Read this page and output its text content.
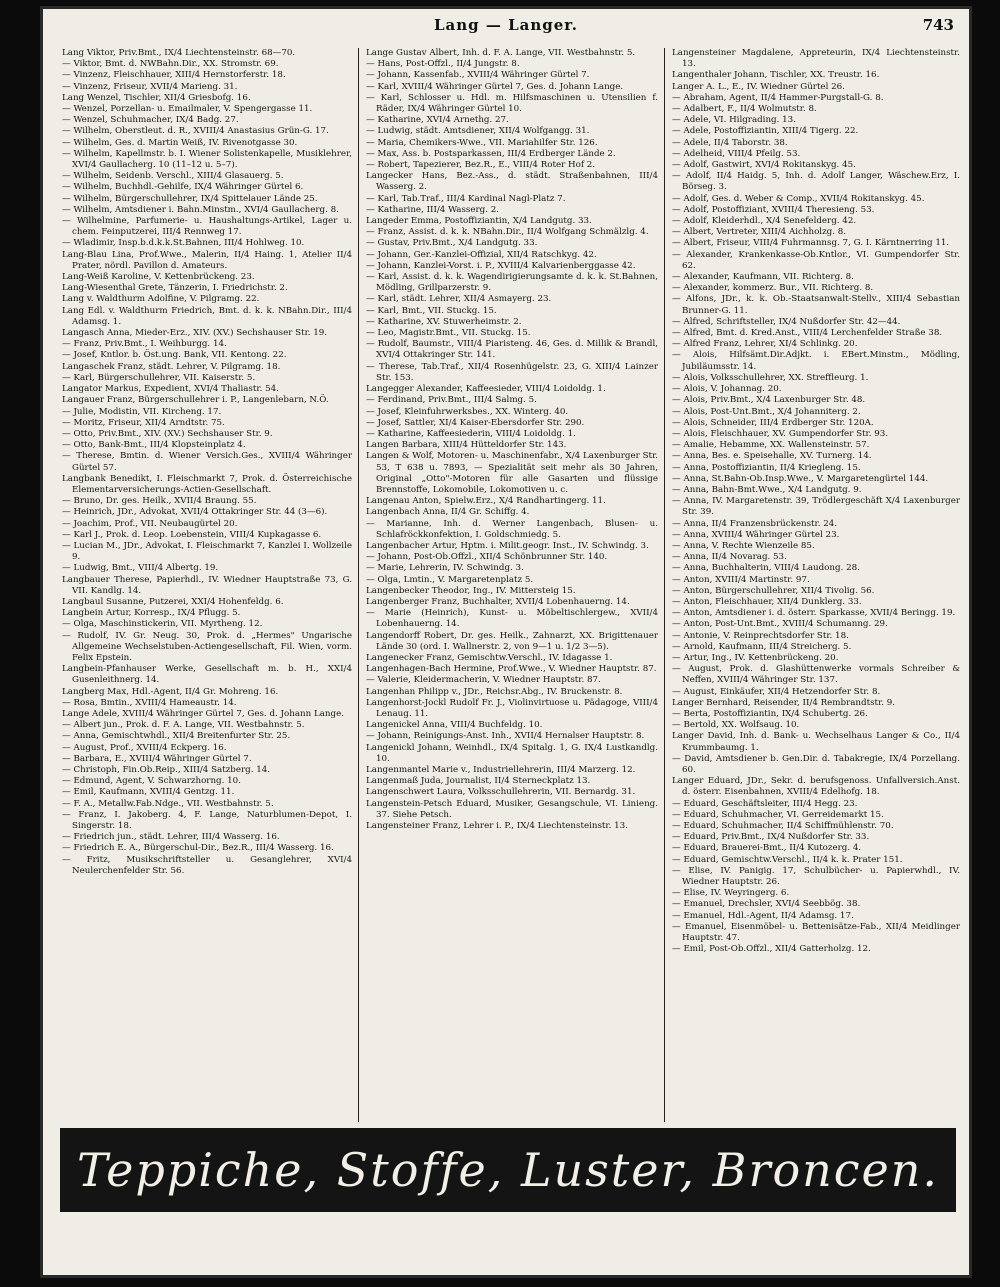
Lang — Langer.	743

Lang Viktor, Priv.Bmt., IX/4 Liechtensteinstr. 68—70.

— Viktor, Bmt. d. NWBahn.Dir., XX. Stromstr. 69.

— Vinzenz, Fleischhauer, XIII/4 Hernstorferstr. 18.

— Vinzenz, Friseur, XVII/4 Marieng. 31.

Lang Wenzel, Tischler, XII/4 Griesbofg. 16.

— Wenzel, Porzellan- u. Emailmaler, V. Spengergasse 11.

— Wenzel, Schuhmacher, IX/4 Badg. 27.

— Wilhelm, Oberstleut. d. R., XVIII/4 Anastasius Grün-G. 17.

— Wilhelm, Ges. d. Martin Weiß, IV. Rivenotgasse 30.

— Wilhelm, Kapellmstr. b. I. Wiener Solistenkapelle, Musiklehrer, XVI/4 Gaullacherg. 10 (11–12 u. 5–7).

— Wilhelm, Seidenb. Verschl., XIII/4 Glasauerg. 5.

— Wilhelm, Buchhdl.-Gehilfe, IX/4 Währinger Gürtel 6.

— Wilhelm, Bürgerschullehrer, IX/4 Spittelauer Lände 25.

— Wilhelm, Amtsdiener i. Bahn.Minstm., XVI/4 Gaullacherg. 8.

— Wilhelmine, Parfumerie- u. Haushaltungs-Artikel, Lager u. chem. Feinputzerei, III/4 Rennweg 17.

— Wladimir, Insp.b.d.k.k.St.Bahnen, III/4 Hohlweg. 10.

Lang-Blau Lina, Prof.Wwe., Malerin, II/4 Haing. 1, Atelier II/4 Prater, nördl. Pavillon d. Amateurs.

Lang-Weiß Karoline, V. Kettenbrückeng. 23.

Lang-Wiesenthal Grete, Tänzerin, I. Friedrichstr. 2.

Lang v. Waldthurm Adolfine, V. Pilgramg. 22.

Lang Edl. v. Waldthurm Friedrich, Bmt. d. k. k. NBahn.Dir., III/4 Adamsg. 1.

Langasch Anna, Mieder-Erz., XIV. (XV.) Sechshauser Str. 19.

— Franz, Priv.Bmt., I. Weihburgg. 14.

— Josef, Kntlor. b. Öst.ung. Bank, VII. Kentong. 22.

Langaschek Franz, städt. Lehrer, V. Pilgramg. 18.

— Karl, Bürgerschullehrer, VII. Kaiserstr. 5.

Langator Markus, Expedient, XVI/4 Thaliastr. 54.

Langauer Franz, Bürgerschullehrer i. P., Langenlebarn, N.Ö.

— Julie, Modistin, VII. Kircheng. 17.

— Moritz, Friseur, XII/4 Arndtstr. 75.

— Otto, Priv.Bmt., XIV. (XV.) Sechshauser Str. 9.

— Otto, Bank-Bmt., III/4 Klopsteinplatz 4.

— Therese, Bmtin. d. Wiener Versich.Ges., XVIII/4 Währinger Gürtel 57.

Langbank Benedikt, I. Fleischmarkt 7, Prok. d. Österreichische Elementarversicherungs-Actien-Gesellschaft.

— Bruno, Dr. ges. Heilk., XVII/4 Braung. 55.

— Heinrich, JDr., Advokat, XVII/4 Ottakringer Str. 44 (3—6).

— Joachim, Prof., VII. Neubaugürtel 20.

— Karl J., Prok. d. Leop. Loebenstein, VIII/4 Kupkagasse 6.

— Lucian M., JDr., Advokat, I. Fleischmarkt 7, Kanzlei I. Wollzeile 9.

— Ludwig, Bmt., VIII/4 Albertg. 19.

Langbauer Therese, Papierhdl., IV. Wiedner Hauptstraße 73, G. VII. Kandlg. 14.

Langbaul Susanne, Putzerei, XXI/4 Hohenfeldg. 6.

Langbein Artur, Korresp., IX/4 Pflugg. 5.

— Olga, Maschinstickerin, VII. Myrtheng. 12.

— Rudolf, IV. Gr. Neug. 30, Prok. d. „Hermes" Ungarische Allgemeine Wechselstuben-Actiengesellschaft, Fil. Wien, vorm. Felix Epstein.

Langbein-Pfanhauser Werke, Gesellschaft m. b. H., XXI/4 Gusenleithnerg. 14.

Langberg Max, Hdl.-Agent, II/4 Gr. Mohreng. 16.

— Rosa, Bmtin., XVIII/4 Hameaustr. 14.

Lange Adele, XVIII/4 Währinger Gürtel 7, Ges. d. Johann Lange.

— Albert jun., Prok. d. F. A. Lange, VII. Westbahnstr. 5.

— Anna, Gemischtwhdl., XII/4 Breitenfurter Str. 25.

— August, Prof., XVIII/4 Eckperg. 16.

— Barbara, E., XVIII/4 Währinger Gürtel 7.

— Christoph, Fin.Ob.Reip., XIII/4 Satzberg. 14.

— Edmund, Agent, V. Schwarzhorng. 10.

— Emil, Kaufmann, XVIII/4 Gentzg. 11.

— F. A., Metallw.Fab.Ndge., VII. Westbahnstr. 5.

— Franz, I. Jakoberg. 4, F. Lange, Naturblumen-Depot, I. Singerstr. 18.

— Friedrich jun., städt. Lehrer, III/4 Wasserg. 16.

— Friedrich E. A., Bürgerschul-Dir., Bez.R., III/4 Wasserg. 16.

— Fritz, Musikschriftsteller u. Gesanglehrer, XVI/4 Neulerchenfelder Str. 56.

Lange Gustav Albert, Inh. d. F. A. Lange, VII. Westbahnstr. 5.

— Hans, Post-Offzl., II/4 Jungstr. 8.

— Johann, Kassenfab., XVIII/4 Währinger Gürtel 7.

— Karl, XVIII/4 Währinger Gürtel 7, Ges. d. Johann Lange.

— Karl, Schlosser u. Hdl. m. Hilfsmaschinen u. Utensilien f. Räder, IX/4 Währinger Gürtel 10.

— Katharine, XVI/4 Arnethg. 27.

— Ludwig, städt. Amtsdiener, XII/4 Wolfgangg. 31.

— Maria, Chemikers-Wwe., VII. Mariahilfer Str. 126.

— Max, Ass. b. Postsparkassen, III/4 Erdberger Lände 2.

— Robert, Tapezierer, Bez.R., E., VIII/4 Roter Hof 2.

Langecker Hans, Bez.-Ass., d. städt. Straßenbahnen, III/4 Wasserg. 2.

— Karl, Tab.Traf., III/4 Kardinal Nagl-Platz 7.

— Katharine, III/4 Wasserg. 2.

Langeder Emma, Postoffiziantin, X/4 Landgutg. 33.

— Franz, Assist. d. k. k. NBahn.Dir., II/4 Wolfgang Schmälzlg. 4.

— Gustav, Priv.Bmt., X/4 Landgutg. 33.

— Johann, Ger.-Kanzlei-Offizial, XII/4 Ratschkyg. 42.

— Johann, Kanzlei-Vorst. i. P., XVIII/4 Kalvarienberggasse 42.

— Karl, Assist. d. k. k. Wagendirigierungsamte d. k. k. St.Bahnen, Mödling, Grillparzerstr. 9.

— Karl, städt. Lehrer, XII/4 Asmayerg. 23.

— Karl, Bmt., VII. Stuckg. 15.

— Katharine, XV. Stuwerheimstr. 2.

— Leo, Magistr.Bmt., VII. Stuckg. 15.

— Rudolf, Baumstr., VIII/4 Piaristeng. 46, Ges. d. Millik & Brandl, XVI/4 Ottakringer Str. 141.

— Therese, Tab.Traf., XII/4 Rosenhügelstr. 23, G. XIII/4 Lainzer Str. 153.

Langegger Alexander, Kaffeesieder, VIII/4 Loidoldg. 1.

— Ferdinand, Priv.Bmt., III/4 Salmg. 5.

— Josef, Kleinfuhrwerksbes., XX. Winterg. 40.

— Josef, Sattler, XI/4 Kaiser-Ebersdorfer Str. 290.

— Katharine, Kaffeesiederin, VIII/4 Loidoldg. 1.

Langen Barbara, XIII/4 Hütteldorfer Str. 143.

Langen & Wolf, Motoren- u. Maschinenfabr., X/4 Laxenburger Str. 53, T 638 u. 7893, — Spezialität seit mehr als 30 Jahren, Original „Otto"-Motoren für alle Gasarten und flüssige Brennstoffe, Lokomobile, Lokomotiven u. c.

Langenau Anton, Spielw.Erz., X/4 Randhartingerg. 11.

Langenbach Anna, II/4 Gr. Schiffg. 4.

— Marianne, Inh. d. Werner Langenbach, Blusen- u. Schlafröckkonfektion, I. Goldschmiedg. 5.

Langenbacher Artur, Hptm. i. Milit.geogr. Inst., IV. Schwindg. 3.

— Johann, Post-Ob.Offzl., XII/4 Schönbrunner Str. 140.

— Marie, Lehrerin, IV. Schwindg. 3.

— Olga, Lmtin., V. Margaretenplatz 5.

Langenbecker Theodor, Ing., IV. Mittersteig 15.

Langenberger Franz, Buchhalter, XVII/4 Lobenhauerng. 14.

— Marie (Heinrich), Kunst- u. Möbeltischlergew., XVII/4 Lobenhauerng. 14.

Langendorff Robert, Dr. ges. Heilk., Zahnarzt, XX. Brigittenauer Lände 30 (ord. I. Wallnerstr. 2, von 9—1 u. 1/2 3—5).

Langenecker Franz, Gemischtw.Verschl., IV. Idagasse 1.

Langenhagen-Bach Hermine, Prof.Wwe., V. Wiedner Hauptstr. 87.

— Valerie, Kleidermacherin, V. Wiedner Hauptstr. 87.

Langenhan Philipp v., JDr., Reichsr.Abg., IV. Bruckenstr. 8.

Langenhorst-Jockl Rudolf Fr. J., Violinvirtuose u. Pädagoge, VIII/4 Lenaug. 11.

Langenickel Anna, VIII/4 Buchfeldg. 10.

— Johann, Reinigungs-Anst. Inh., XVII/4 Hernalser Hauptstr. 8.

Langenickl Johann, Weinhdl., IX/4 Spitalg. 1, G. IX/4 Lustkandlg. 10.

Langenmantel Marie v., Industriellehrerin, III/4 Marzerg. 12.

Langenmaß Juda, Journalist, II/4 Sterneckplatz 13.

Langenschwert Laura, Volksschullehrerin, VII. Bernardg. 31.

Langenstein-Petsch Eduard, Musiker, Gesangschule, VI. Linieng. 37. Siehe Petsch.

Langensteiner Franz, Lehrer i. P., IX/4 Liechtensteinstr. 13.

Langensteiner Magdalene, Appreteurin, IX/4 Liechtensteinstr. 13.

Langenthaler Johann, Tischler, XX. Treustr. 16.

Langer A. L., E., IV. Wiedner Gürtel 26.

— Abraham, Agent, II/4 Hammer-Purgstall-G. 8.

— Adalbert, F., II/4 Wolmutstr. 8.

— Adele, VI. Hilgrading. 13.

— Adele, Postoffiziantin, XIII/4 Tigerg. 22.

— Adele, II/4 Taborstr. 38.

— Adelheid, VIII/4 Pfeilg. 53.

— Adolf, Gastwirt, XVI/4 Rokitanskyg. 45.

— Adolf, II/4 Haidg. 5, Inh. d. Adolf Langer, Wäschew.Erz, I. Börseg. 3.

— Adolf, Ges. d. Weber & Comp., XVII/4 Rokitanskyg. 45.

— Adolf, Postoffiziant, XVIII/4 Theresieng. 53.

— Adolf, Kleiderhdl., X/4 Senefelderg. 42.

— Albert, Vertreter, XIII/4 Aichholzg. 8.

— Albert, Friseur, VIII/4 Fuhrmannsg. 7, G. I. Kärntnerring 11.

— Alexander, Krankenkasse-Ob.Kntlor., VI. Gumpendorfer Str. 62.

— Alexander, Kaufmann, VII. Richterg. 8.

— Alexander, kommerz. Bur., VII. Richterg. 8.

— Alfons, JDr., k. k. Ob.-Staatsanwalt-Stellv., XIII/4 Sebastian Brunner-G. 11.

— Alfred, Schriftsteller, IX/4 Nußdorfer Str. 42—44.

— Alfred, Bmt. d. Kred.Anst., VIII/4 Lerchenfelder Straße 38.

— Alfred Franz, Lehrer, XI/4 Schlinkg. 20.

— Alois, Hilfsämt.Dir.Adjkt. i. EBert.Minstm., Mödling, Jubiläumsstr. 14.

— Alois, Volksschullehrer, XX. Streffleurg. 1.

— Alois, V. Johannag. 20.

— Alois, Priv.Bmt., X/4 Laxenburger Str. 48.

— Alois, Post-Unt.Bmt., X/4 Johanniterg. 2.

— Alois, Schneider, III/4 Erdberger Str. 120A.

— Alois, Fleischhauer, XV. Gumpendorfer Str. 93.

— Amalie, Hebamme, XX. Wallensteinstr. 57.

— Anna, Bes. e. Speisehalle, XV. Turnerg. 14.

— Anna, Postoffiziantin, II/4 Kriegleng. 15.

— Anna, St.Bahn-Ob.Insp.Wwe., V. Margaretengürtel 144.

— Anna, Bahn-Bmt.Wwe., X/4 Landgutg. 9.

— Anna, IV. Margaretenstr. 39, Trödlergeschäft X/4 Laxenburger Str. 39.

— Anna, II/4 Franzensbrückenstr. 24.

— Anna, XVIII/4 Währinger Gürtel 23.

— Anna, V. Rechte Wienzeile 85.

— Anna, II/4 Novarag. 53.

— Anna, Buchhalterin, VIII/4 Laudong. 28.

— Anton, XVIII/4 Martinstr. 97.

— Anton, Bürgerschullehrer, XII/4 Tivolig. 56.

— Anton, Fleischhauer, XII/4 Dunklerg. 33.

— Anton, Amtsdiener i. d. österr. Sparkasse, XVII/4 Beringg. 19.

— Anton, Post-Unt.Bmt., XVIII/4 Schumanng. 29.

— Antonie, V. Reinprechtsdorfer Str. 18.

— Arnold, Kaufmann, III/4 Streicherg. 5.

— Artur, Ing., IV. Kettenbrückeng. 20.

— August, Prok. d. Glashüttenwerke vormals Schreiber & Neffen, XVIII/4 Währinger Str. 137.

— August, Einkäufer, XII/4 Hetzendorfer Str. 8.

Langer Bernhard, Reisender, II/4 Rembrandtstr. 9.

— Berta, Postoffiziantin, IX/4 Schubertg. 26.

— Bertold, XX. Wolfsaug. 10.

Langer David, Inh. d. Bank- u. Wechselhaus Langer & Co., II/4 Krummbaumg. 1.

— David, Amtsdiener b. Gen.Dir. d. Tabakregie, IX/4 Porzellang. 60.

Langer Eduard, JDr., Sekr. d. berufsgenoss. Unfallversich.Anst. d. österr. Eisenbahnen, XVIII/4 Edelhofg. 18.

— Eduard, Geschäftsleiter, III/4 Hegg. 23.

— Eduard, Schuhmacher, VI. Gerreidemarkt 15.

— Eduard, Schuhmacher, II/4 Schiffmühlenstr. 70.

— Eduard, Priv.Bmt., IX/4 Nußdorfer Str. 33.

— Eduard, Brauerei-Bmt., II/4 Kutozerg. 4.

— Eduard, Gemischtw.Verschl., II/4 k. k. Prater 151.

— Elise, IV. Panigig. 17, Schulbücher- u. Papierwhdl., IV. Wiedner Hauptstr. 26.

— Elise, IV. Weyringerg. 6.

— Emanuel, Drechsler, XVI/4 Seebbög. 38.

— Emanuel, Hdl.-Agent, II/4 Adamsg. 17.

— Emanuel, Eisenmöbel- u. Bettenisätze-Fab., XII/4 Meidlinger Hauptstr. 47.

— Emil, Post-Ob.Offzl., XII/4 Gatterholzg. 12.

Teppiche, Stoffe, Luster, Broncen.
